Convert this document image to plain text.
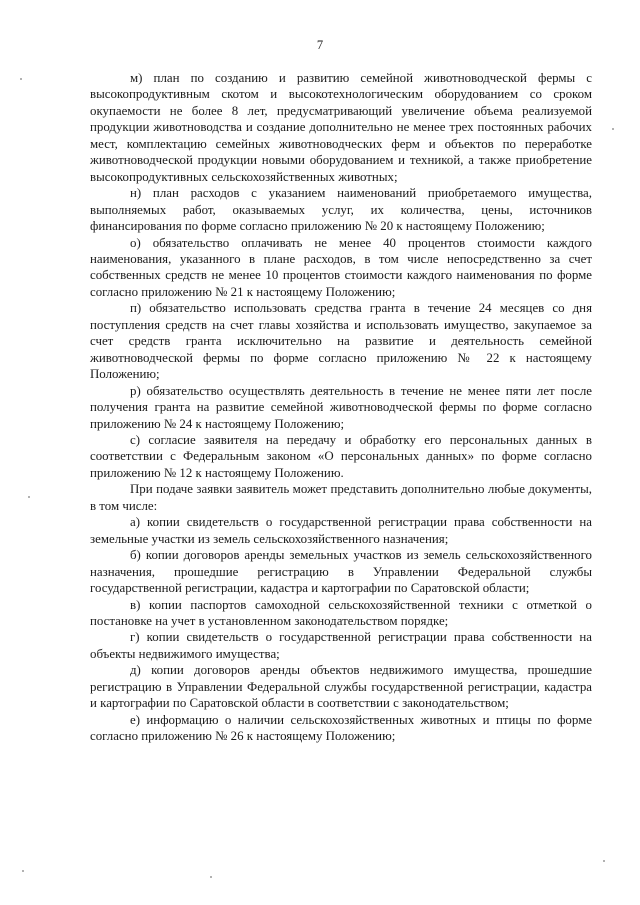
7

м) план по созданию и развитию семейной животноводческой фермы с высокопродуктивным скотом и высокотехнологическим оборудованием со сроком окупаемости не более 8 лет, предусматривающий увеличение объема реализуемой продукции животноводства и создание дополнительно не менее трех постоянных рабочих мест, комплектацию семейных животноводческих ферм и объектов по переработке животноводческой продукции новыми оборудованием и техникой, а также приобретение высокопродуктивных сельскохозяйственных животных;

н) план расходов с указанием наименований приобретаемого имущества, выполняемых работ, оказываемых услуг, их количества, цены, источников финансирования по форме согласно приложению № 20 к настоящему Положению;

о) обязательство оплачивать не менее 40 процентов стоимости каждого наименования, указанного в плане расходов, в том числе непосредственно за счет собственных средств не менее 10 процентов стоимости каждого наименования по форме согласно приложению № 21 к настоящему Положению;

п) обязательство использовать средства гранта в течение 24 месяцев со дня поступления средств на счет главы хозяйства и использовать имущество, закупаемое за счет средств гранта исключительно на развитие и деятельность семейной животноводческой фермы по форме согласно приложению № 22 к настоящему Положению;

р) обязательство осуществлять деятельность в течение не менее пяти лет после получения гранта на развитие семейной животноводческой фермы по форме согласно приложению № 24 к настоящему Положению;

с) согласие заявителя на передачу и обработку его персональных данных в соответствии с Федеральным законом «О персональных данных» по форме согласно приложению № 12 к настоящему Положению.

При подаче заявки заявитель может представить дополнительно любые документы, в том числе:

а) копии свидетельств о государственной регистрации права собственности на земельные участки из земель сельскохозяйственного назначения;

б) копии договоров аренды земельных участков из земель сельскохозяйственного назначения, прошедшие регистрацию в Управлении Федеральной службы государственной регистрации, кадастра и картографии по Саратовской области;

в) копии паспортов самоходной сельскохозяйственной техники с отметкой о постановке на учет в установленном законодательством порядке;

г) копии свидетельств о государственной регистрации права собственности на объекты недвижимого имущества;

д) копии договоров аренды объектов недвижимого имущества, прошедшие регистрацию в Управлении Федеральной службы государственной регистрации, кадастра и картографии по Саратовской области в соответствии с законодательством;

е) информацию о наличии сельскохозяйственных животных и птицы по форме согласно приложению № 26 к настоящему Положению;
